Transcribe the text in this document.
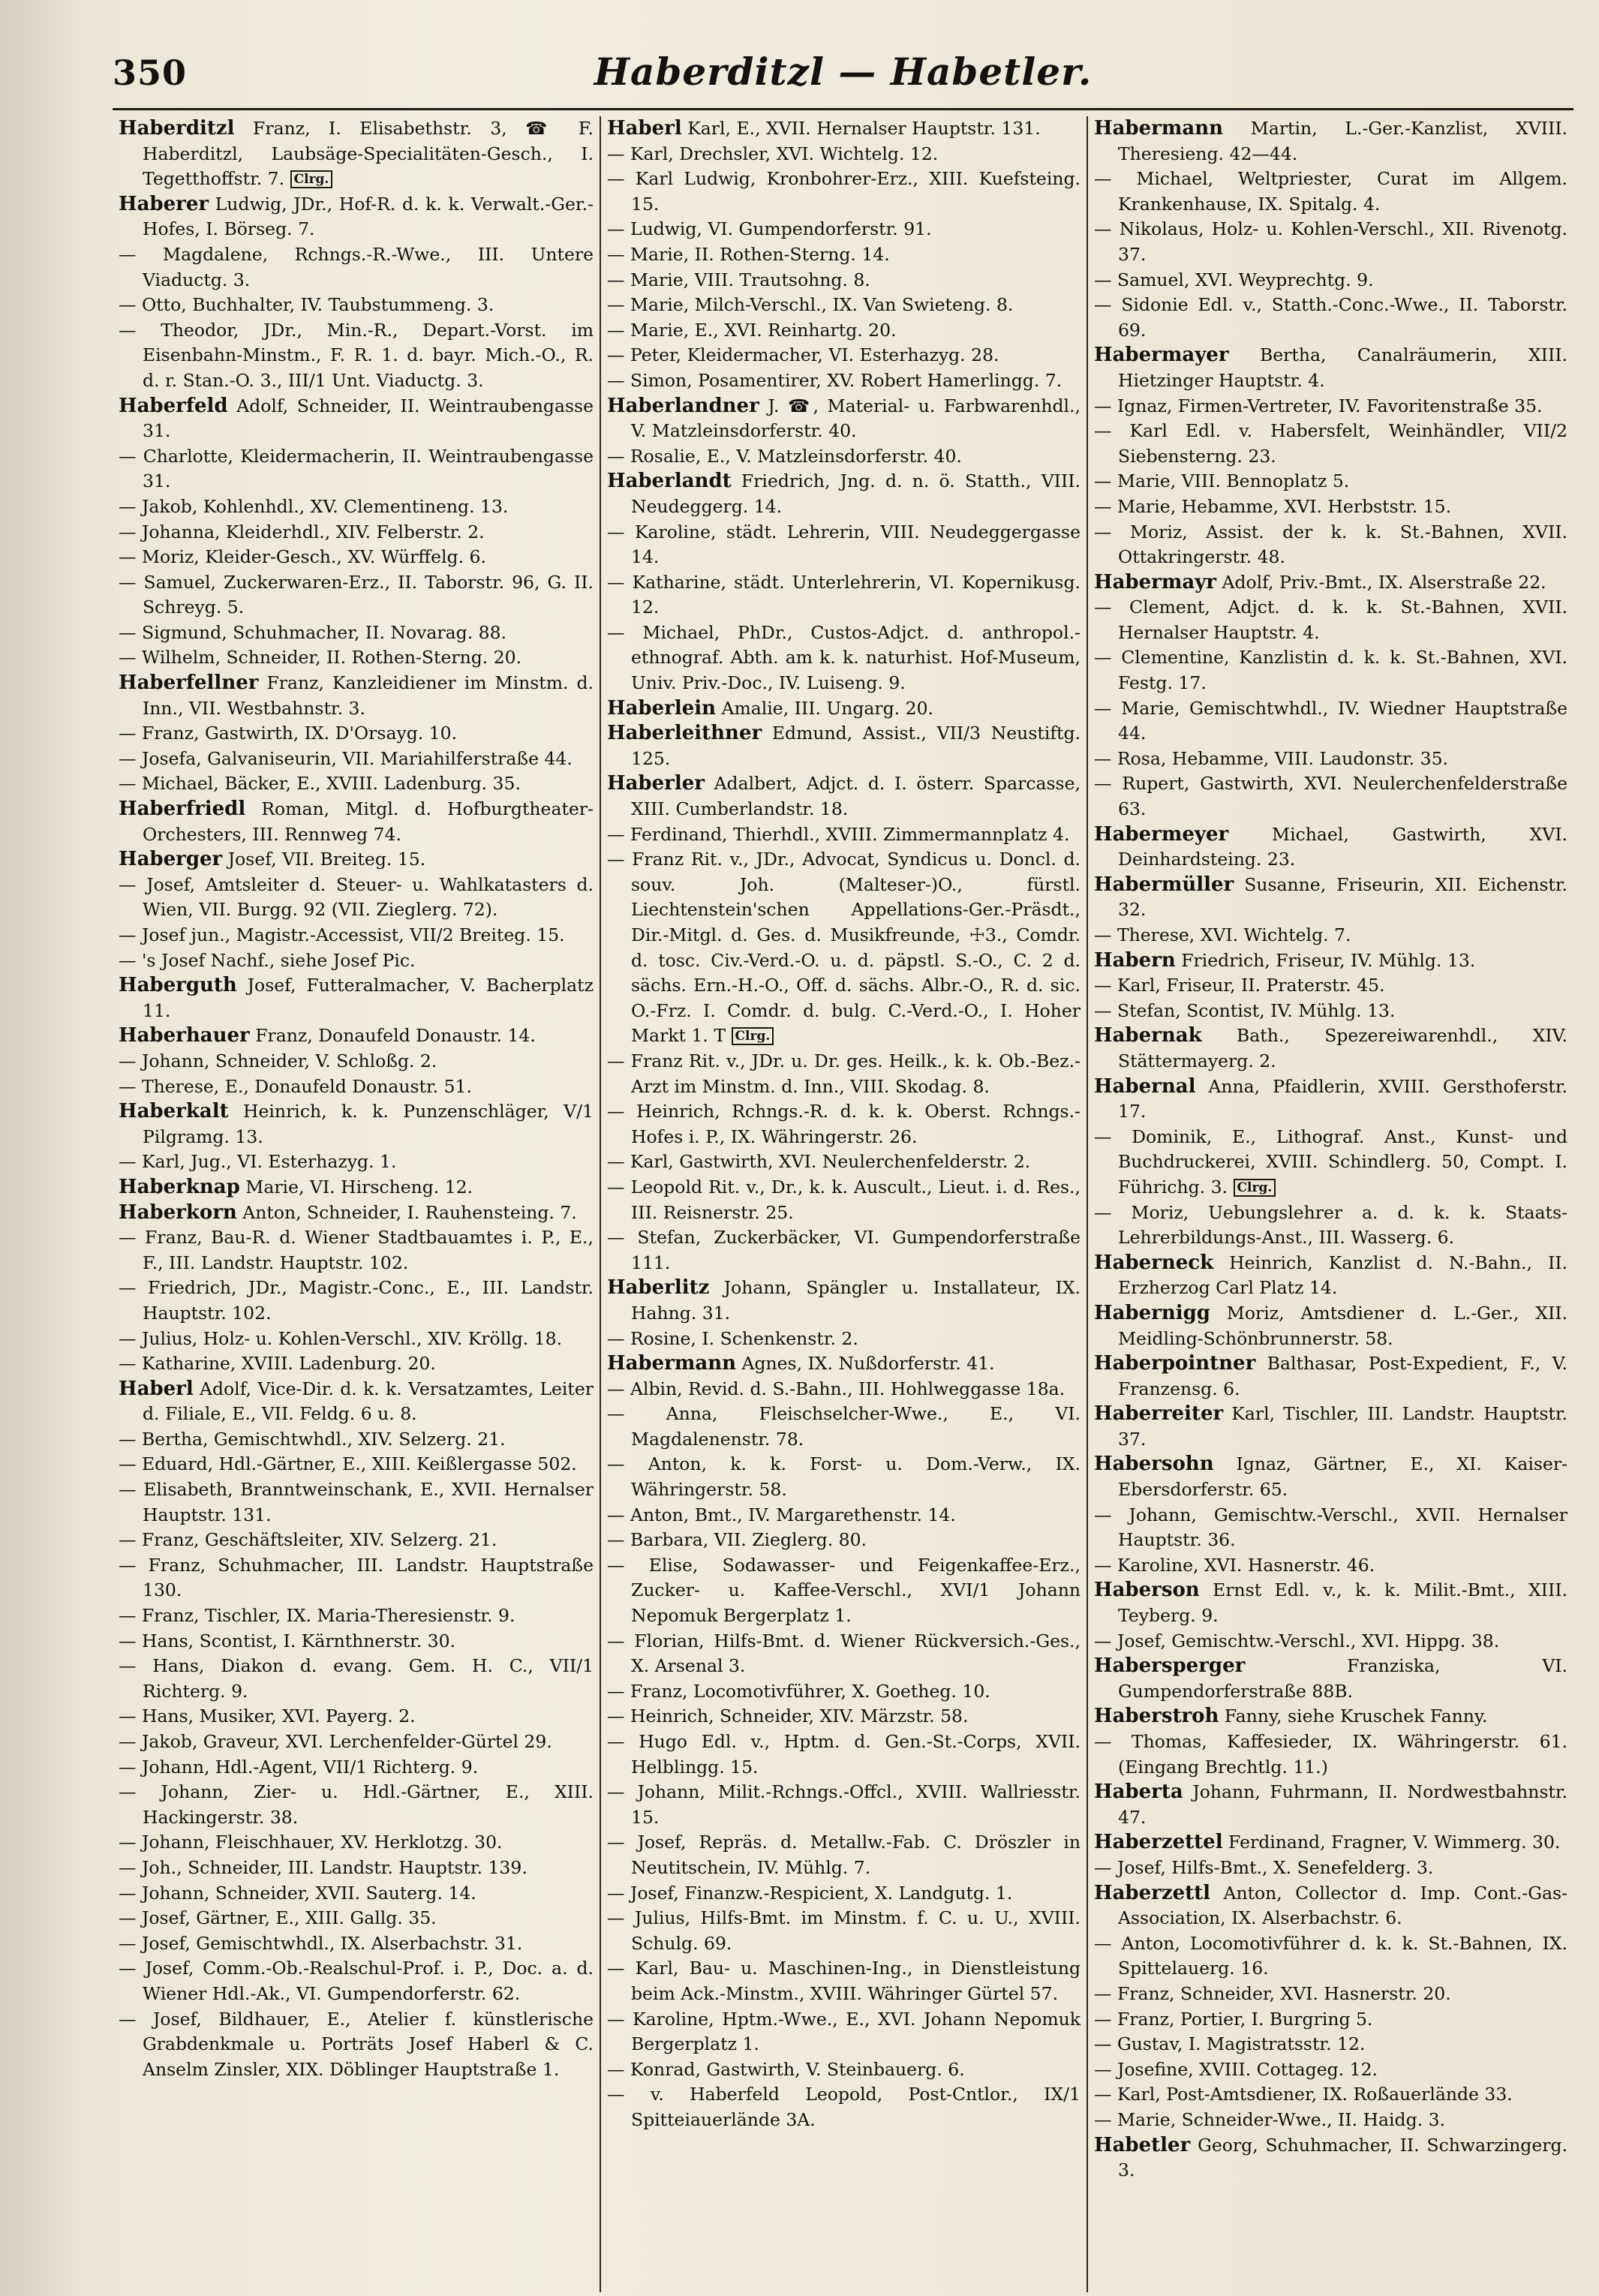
350	Haberditzl — Habetler.
Haberditzl Franz, I. Elisabethstr. 3, ☎ F. Haberditzl, Laubsäge-Specialitäten-Gesch., I. Tegetthoffstr. 7. Clrg.
Haberer Ludwig, JDr., Hof-R. d. k. k. Verwalt.-Ger.-Hofes, I. Börseg. 7.
— Magdalene, Rchngs.-R.-Wwe., III. Untere Viaductg. 3.
— Otto, Buchhalter, IV. Taubstummeng. 3.
— Theodor, JDr., Min.-R., Depart.-Vorst. im Eisenbahn-Minstm., F. R. 1. d. bayr. Mich.-O., R. d. r. Stan.-O. 3., III/1 Unt. Viaductg. 3.
Haberfeld Adolf, Schneider, II. Weintraubengasse 31.
— Charlotte, Kleidermacherin, II. Weintraubengasse 31.
— Jakob, Kohlenhdl., XV. Clementineng. 13.
— Johanna, Kleiderhdl., XIV. Felberstr. 2.
— Moriz, Kleider-Gesch., XV. Würffelg. 6.
— Samuel, Zuckerwaren-Erz., II. Taborstr. 96, G. II. Schreyg. 5.
— Sigmund, Schuhmacher, II. Novarag. 88.
— Wilhelm, Schneider, II. Rothen-Sterng. 20.
Haberfellner Franz, Kanzleidiener im Minstm. d. Inn., VII. Westbahnstr. 3.
— Franz, Gastwirth, IX. D'Orsayg. 10.
— Josefa, Galvaniseurin, VII. Mariahilferstraße 44.
— Michael, Bäcker, E., XVIII. Ladenburg. 35.
Haberfriedl Roman, Mitgl. d. Hofburgtheater-Orchesters, III. Rennweg 74.
Haberger Josef, VII. Breiteg. 15.
— Josef, Amtsleiter d. Steuer- u. Wahlkatasters d. Wien, VII. Burgg. 92 (VII. Zieglerg. 72).
— Josef jun., Magistr.-Accessist, VII/2 Breiteg. 15.
— 's Josef Nachf., siehe Josef Pic.
Haberguth Josef, Futteralmacher, V. Bacherplatz 11.
Haberhauer Franz, Donaufeld Donaustr. 14.
— Johann, Schneider, V. Schloßg. 2.
— Therese, E., Donaufeld Donaustr. 51.
Haberkalt Heinrich, k. k. Punzenschläger, V/1 Pilgramg. 13.
— Karl, Jug., VI. Esterhazyg. 1.
Haberknap Marie, VI. Hirscheng. 12.
Haberkorn Anton, Schneider, I. Rauhensteing. 7.
— Franz, Bau-R. d. Wiener Stadtbauamtes i. P., E., F., III. Landstr. Hauptstr. 102.
— Friedrich, JDr., Magistr.-Conc., E., III. Landstr. Hauptstr. 102.
— Julius, Holz- u. Kohlen-Verschl., XIV. Kröllg. 18.
— Katharine, XVIII. Ladenburg. 20.
Haberl Adolf, Vice-Dir. d. k. k. Versatzamtes, Leiter d. Filiale, E., VII. Feldg. 6 u. 8.
— Bertha, Gemischtwhdl., XIV. Selzerg. 21.
— Eduard, Hdl.-Gärtner, E., XIII. Keißlergasse 502.
— Elisabeth, Branntweinschank, E., XVII. Hernalser Hauptstr. 131.
— Franz, Geschäftsleiter, XIV. Selzerg. 21.
— Franz, Schuhmacher, III. Landstr. Hauptstraße 130.
— Franz, Tischler, IX. Maria-Theresienstr. 9.
— Hans, Scontist, I. Kärnthnerstr. 30.
— Hans, Diakon d. evang. Gem. H. C., VII/1 Richterg. 9.
— Hans, Musiker, XVI. Payerg. 2.
— Jakob, Graveur, XVI. Lerchenfelder-Gürtel 29.
— Johann, Hdl.-Agent, VII/1 Richterg. 9.
— Johann, Zier- u. Hdl.-Gärtner, E., XIII. Hackingerstr. 38.
— Johann, Fleischhauer, XV. Herklotzg. 30.
— Joh., Schneider, III. Landstr. Hauptstr. 139.
— Johann, Schneider, XVII. Sauterg. 14.
— Josef, Gärtner, E., XIII. Gallg. 35.
— Josef, Gemischtwhdl., IX. Alserbachstr. 31.
— Josef, Comm.-Ob.-Realschul-Prof. i. P., Doc. a. d. Wiener Hdl.-Ak., VI. Gumpendorferstr. 62.
— Josef, Bildhauer, E., Atelier f. künstlerische Grabdenkmale u. Porträts Josef Haberl & C. Anselm Zinsler, XIX. Döblinger Hauptstraße 1.
Haberl Karl, E., XVII. Hernalser Hauptstr. 131.
— Karl, Drechsler, XVI. Wichtelg. 12.
— Karl Ludwig, Kronbohrer-Erz., XIII. Kuefsteing. 15.
— Ludwig, VI. Gumpendorferstr. 91.
— Marie, II. Rothen-Sterng. 14.
— Marie, VIII. Trautsohng. 8.
— Marie, Milch-Verschl., IX. Van Swieteng. 8.
— Marie, E., XVI. Reinhartg. 20.
— Peter, Kleidermacher, VI. Esterhazyg. 28.
— Simon, Posamentirer, XV. Robert Hamerlingg. 7.
Haberlandner J. ☎, Material- u. Farbwarenhdl., V. Matzleinsdorferstr. 40.
— Rosalie, E., V. Matzleinsdorferstr. 40.
Haberlandt Friedrich, Jng. d. n. ö. Statth., VIII. Neudeggerg. 14.
— Karoline, städt. Lehrerin, VIII. Neudeggergasse 14.
— Katharine, städt. Unterlehrerin, VI. Kopernikusg. 12.
— Michael, PhDr., Custos-Adjct. d. anthropol.-ethnograf. Abth. am k. k. naturhist. Hof-Museum, Univ. Priv.-Doc., IV. Luiseng. 9.
Haberlein Amalie, III. Ungarg. 20.
Haberleithner Edmund, Assist., VII/3 Neustiftg. 125.
Haberler Adalbert, Adjct. d. I. österr. Sparcasse, XIII. Cumberlandstr. 18.
— Ferdinand, Thierhdl., XVIII. Zimmermannplatz 4.
— Franz Rit. v., JDr., Advocat, Syndicus u. Doncl. d. souv. Joh. (Malteser-)O., fürstl. Liechtenstein'schen Appellations-Ger.-Präsdt., Dir.-Mitgl. d. Ges. d. Musikfreunde, ☩3., Comdr. d. tosc. Civ.-Verd.-O. u. d. päpstl. S.-O., C. 2 d. sächs. Ern.-H.-O., Off. d. sächs. Albr.-O., R. d. sic. O.-Frz. I. Comdr. d. bulg. C.-Verd.-O., I. Hoher Markt 1. T Clrg.
— Franz Rit. v., JDr. u. Dr. ges. Heilk., k. k. Ob.-Bez.-Arzt im Minstm. d. Inn., VIII. Skodag. 8.
— Heinrich, Rchngs.-R. d. k. k. Oberst. Rchngs.-Hofes i. P., IX. Währingerstr. 26.
— Karl, Gastwirth, XVI. Neulerchenfelderstr. 2.
— Leopold Rit. v., Dr., k. k. Auscult., Lieut. i. d. Res., III. Reisnerstr. 25.
— Stefan, Zuckerbäcker, VI. Gumpendorferstraße 111.
Haberlitz Johann, Spängler u. Installateur, IX. Hahng. 31.
— Rosine, I. Schenkenstr. 2.
Habermann Agnes, IX. Nußdorferstr. 41.
— Albin, Revid. d. S.-Bahn., III. Hohlweggasse 18a.
— Anna, Fleischselcher-Wwe., E., VI. Magdalenenstr. 78.
— Anton, k. k. Forst- u. Dom.-Verw., IX. Währingerstr. 58.
— Anton, Bmt., IV. Margarethenstr. 14.
— Barbara, VII. Zieglerg. 80.
— Elise, Sodawasser- und Feigenkaffee-Erz., Zucker- u. Kaffee-Verschl., XVI/1 Johann Nepomuk Bergerplatz 1.
— Florian, Hilfs-Bmt. d. Wiener Rückversich.-Ges., X. Arsenal 3.
— Franz, Locomotivführer, X. Goetheg. 10.
— Heinrich, Schneider, XIV. Märzstr. 58.
— Hugo Edl. v., Hptm. d. Gen.-St.-Corps, XVII. Helblingg. 15.
— Johann, Milit.-Rchngs.-Offcl., XVIII. Wallriesstr. 15.
— Josef, Repräs. d. Metallw.-Fab. C. Dröszler in Neutitschein, IV. Mühlg. 7.
— Josef, Finanzw.-Respicient, X. Landgutg. 1.
— Julius, Hilfs-Bmt. im Minstm. f. C. u. U., XVIII. Schulg. 69.
— Karl, Bau- u. Maschinen-Ing., in Dienstleistung beim Ack.-Minstm., XVIII. Währinger Gürtel 57.
— Karoline, Hptm.-Wwe., E., XVI. Johann Nepomuk Bergerplatz 1.
— Konrad, Gastwirth, V. Steinbauerg. 6.
— v. Haberfeld Leopold, Post-Cntlor., IX/1 Spitteiauerlände 3A.
Habermann Martin, L.-Ger.-Kanzlist, XVIII. Theresieng. 42—44.
— Michael, Weltpriester, Curat im Allgem. Krankenhause, IX. Spitalg. 4.
— Nikolaus, Holz- u. Kohlen-Verschl., XII. Rivenotg. 37.
— Samuel, XVI. Weyprechtg. 9.
— Sidonie Edl. v., Statth.-Conc.-Wwe., II. Taborstr. 69.
Habermayer Bertha, Canalräumerin, XIII. Hietzinger Hauptstr. 4.
— Ignaz, Firmen-Vertreter, IV. Favoritenstraße 35.
— Karl Edl. v. Habersfelt, Weinhändler, VII/2 Siebensterng. 23.
— Marie, VIII. Bennoplatz 5.
— Marie, Hebamme, XVI. Herbststr. 15.
— Moriz, Assist. der k. k. St.-Bahnen, XVII. Ottakringerstr. 48.
Habermayr Adolf, Priv.-Bmt., IX. Alserstraße 22.
— Clement, Adjct. d. k. k. St.-Bahnen, XVII. Hernalser Hauptstr. 4.
— Clementine, Kanzlistin d. k. k. St.-Bahnen, XVI. Festg. 17.
— Marie, Gemischtwhdl., IV. Wiedner Hauptstraße 44.
— Rosa, Hebamme, VIII. Laudonstr. 35.
— Rupert, Gastwirth, XVI. Neulerchenfelderstraße 63.
Habermeyer Michael, Gastwirth, XVI. Deinhardsteing. 23.
Habermüller Susanne, Friseurin, XII. Eichenstr. 32.
— Therese, XVI. Wichtelg. 7.
Habern Friedrich, Friseur, IV. Mühlg. 13.
— Karl, Friseur, II. Praterstr. 45.
— Stefan, Scontist, IV. Mühlg. 13.
Habernak Bath., Spezereiwarenhdl., XIV. Stättermayerg. 2.
Habernal Anna, Pfaidlerin, XVIII. Gersthoferstr. 17.
— Dominik, E., Lithograf. Anst., Kunst- und Buchdruckerei, XVIII. Schindlerg. 50, Compt. I. Führichg. 3. Clrg.
— Moriz, Uebungslehrer a. d. k. k. Staats-Lehrerbildungs-Anst., III. Wasserg. 6.
Haberneck Heinrich, Kanzlist d. N.-Bahn., II. Erzherzog Carl Platz 14.
Habernigg Moriz, Amtsdiener d. L.-Ger., XII. Meidling-Schönbrunnerstr. 58.
Haberpointner Balthasar, Post-Expedient, F., V. Franzensg. 6.
Haberreiter Karl, Tischler, III. Landstr. Hauptstr. 37.
Habersohn Ignaz, Gärtner, E., XI. Kaiser-Ebersdorferstr. 65.
— Johann, Gemischtw.-Verschl., XVII. Hernalser Hauptstr. 36.
— Karoline, XVI. Hasnerstr. 46.
Haberson Ernst Edl. v., k. k. Milit.-Bmt., XIII. Teyberg. 9.
— Josef, Gemischtw.-Verschl., XVI. Hippg. 38.
Habersperger Franziska, VI. Gumpendorferstraße 88B.
Haberstroh Fanny, siehe Kruschek Fanny.
— Thomas, Kaffesieder, IX. Währingerstr. 61. (Eingang Brechtlg. 11.)
Haberta Johann, Fuhrmann, II. Nordwestbahnstr. 47.
Haberzettel Ferdinand, Fragner, V. Wimmerg. 30.
— Josef, Hilfs-Bmt., X. Senefelderg. 3.
Haberzettl Anton, Collector d. Imp. Cont.-Gas-Association, IX. Alserbachstr. 6.
— Anton, Locomotivführer d. k. k. St.-Bahnen, IX. Spittelauerg. 16.
— Franz, Schneider, XVI. Hasnerstr. 20.
— Franz, Portier, I. Burgring 5.
— Gustav, I. Magistratsstr. 12.
— Josefine, XVIII. Cottageg. 12.
— Karl, Post-Amtsdiener, IX. Roßauerlände 33.
— Marie, Schneider-Wwe., II. Haidg. 3.
Habetler Georg, Schuhmacher, II. Schwarzingerg. 3.
